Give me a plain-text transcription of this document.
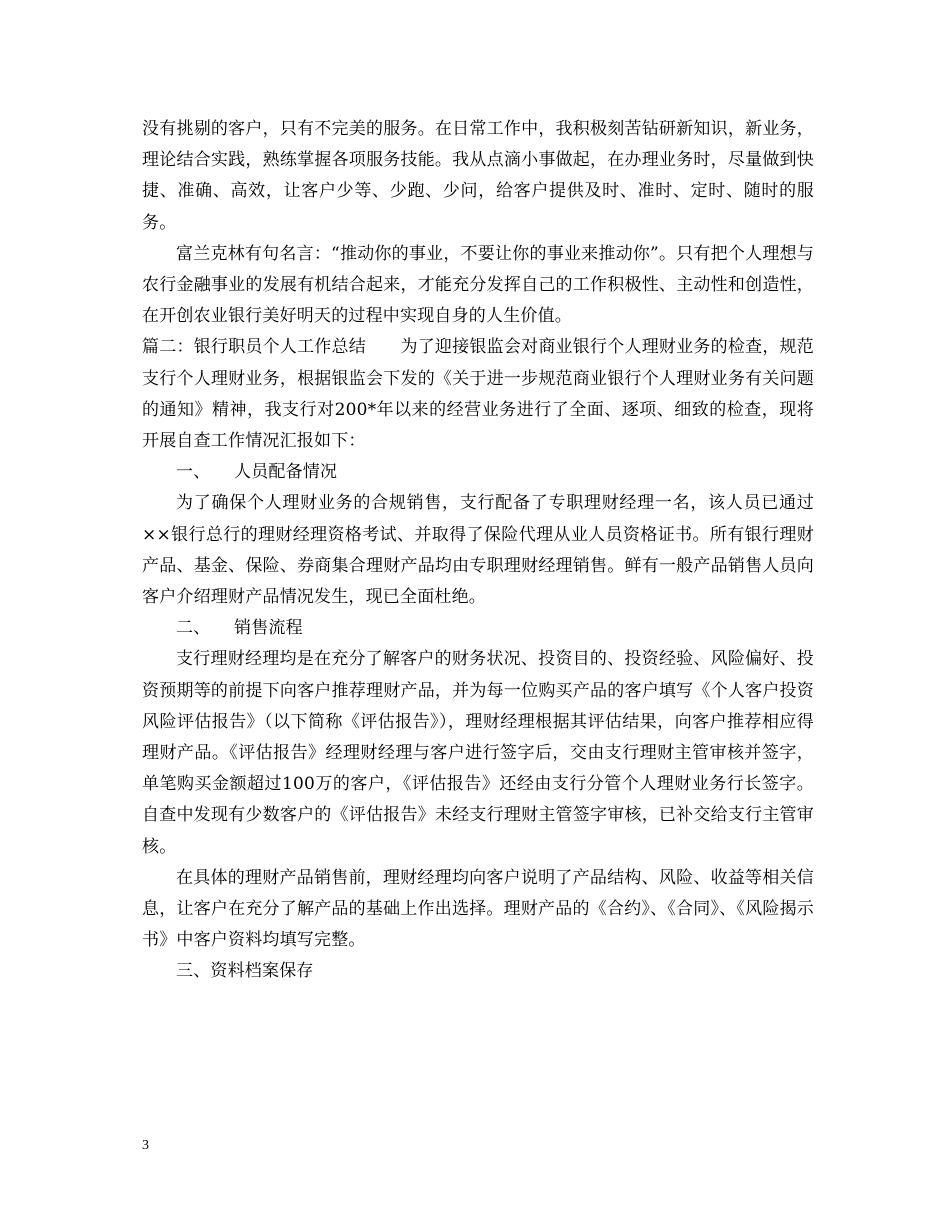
没有挑剔的客户，只有不完美的服务。在日常工作中，我积极刻苦钻研新知识，新业务，理论结合实践，熟练掌握各项服务技能。我从点滴小事做起，在办理业务时，尽量做到快捷、准确、高效，让客户少等、少跑、少问，给客户提供及时、准时、定时、随时的服务。

富兰克林有句名言：“推动你的事业，不要让你的事业来推动你”。只有把个人理想与农行金融事业的发展有机结合起来，才能充分发挥自己的工作积极性、主动性和创造性，在开创农业银行美好明天的过程中实现自身的人生价值。

篇二：银行职员个人工作总结　　为了迎接银监会对商业银行个人理财业务的检查，规范支行个人理财业务，根据银监会下发的《关于进一步规范商业银行个人理财业务有关问题的通知》精神，我支行对200*年以来的经营业务进行了全面、逐项、细致的检查，现将开展自查工作情况汇报如下：

一、 人员配备情况

为了确保个人理财业务的合规销售，支行配备了专职理财经理一名，该人员已通过××银行总行的理财经理资格考试、并取得了保险代理从业人员资格证书。所有银行理财产品、基金、保险、券商集合理财产品均由专职理财经理销售。鲜有一般产品销售人员向客户介绍理财产品情况发生，现已全面杜绝。

二、 销售流程

支行理财经理均是在充分了解客户的财务状况、投资目的、投资经验、风险偏好、投资预期等的前提下向客户推荐理财产品，并为每一位购买产品的客户填写《个人客户投资风险评估报告》（以下简称《评估报告》），理财经理根据其评估结果，向客户推荐相应得理财产品。《评估报告》经理财经理与客户进行签字后，交由支行理财主管审核并签字，单笔购买金额超过100万的客户，《评估报告》还经由支行分管个人理财业务行长签字。自查中发现有少数客户的《评估报告》未经支行理财主管签字审核，已补交给支行主管审核。

在具体的理财产品销售前，理财经理均向客户说明了产品结构、风险、收益等相关信息，让客户在充分了解产品的基础上作出选择。理财产品的《合约》、《合同》、《风险揭示书》中客户资料均填写完整。

三、资料档案保存

3
